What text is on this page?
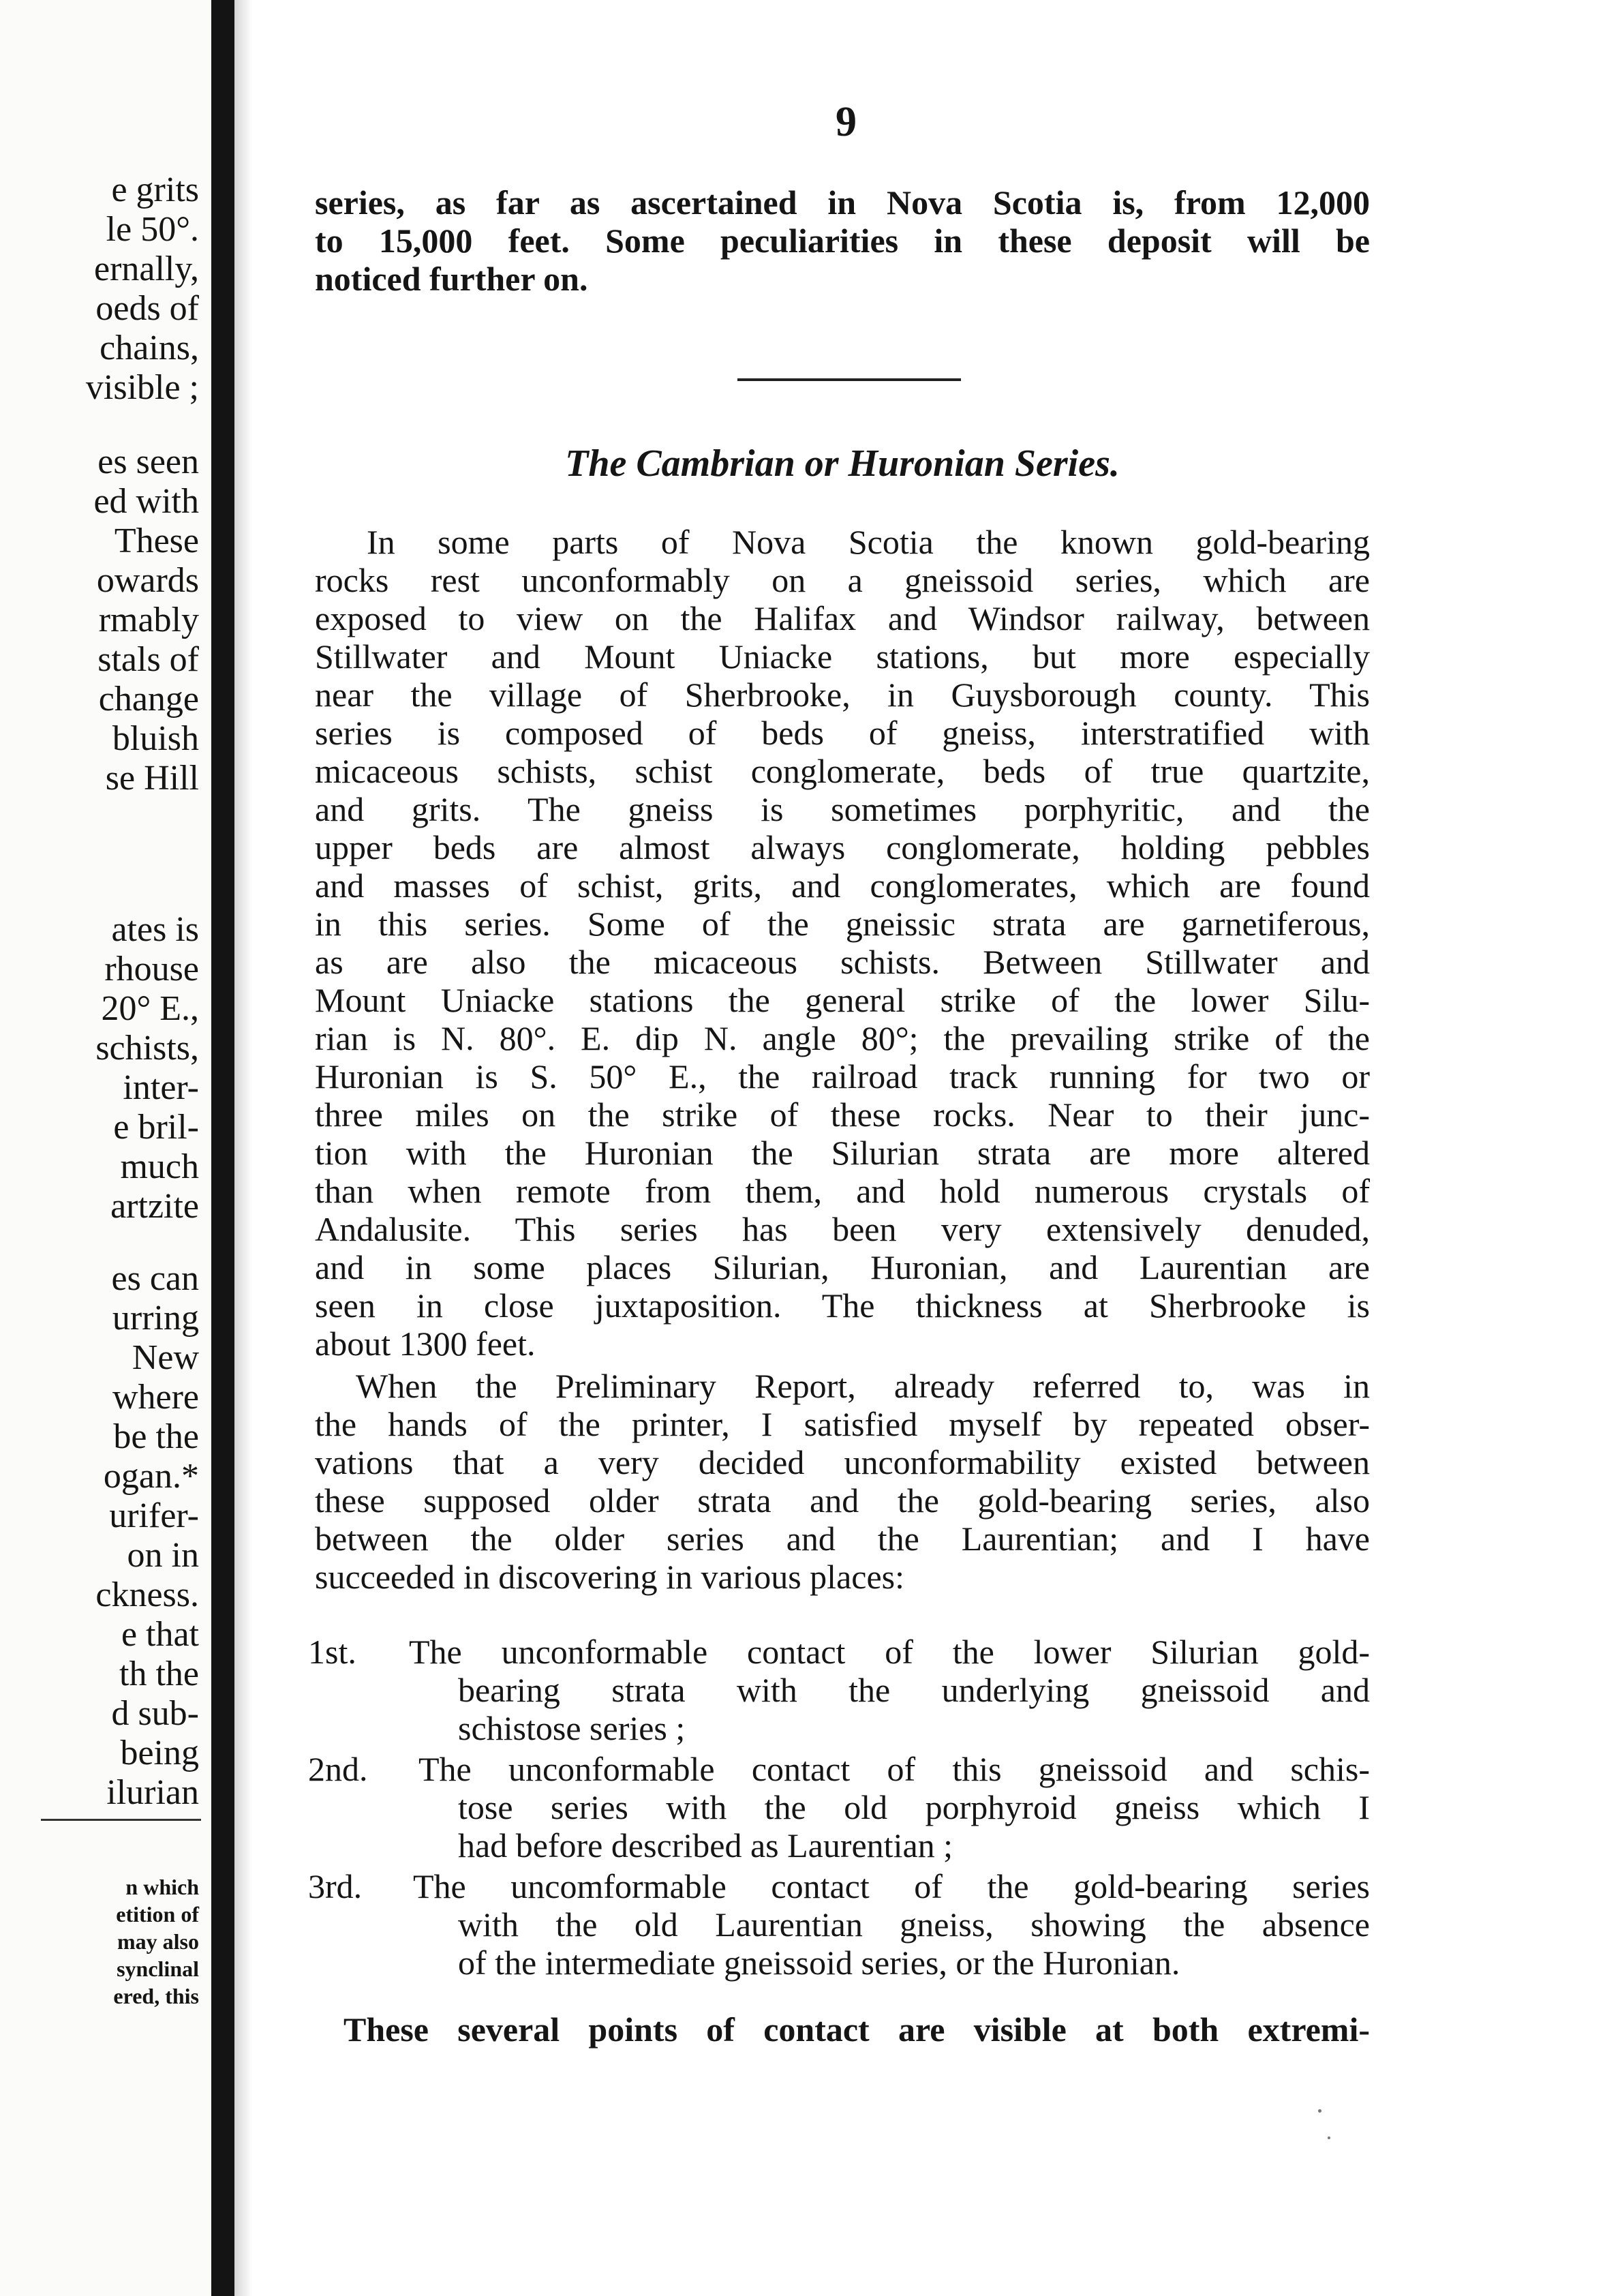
e grits

le 50°.

ernally,

oeds of

chains,

visible ;

es seen

ed with

These

owards

rmably

stals of

change

bluish

se Hill

ates is

rhouse

20° E.,

schists,

inter-

e bril-

much

artzite

es can

urring

New

where

be the

ogan.*

urifer-

on in

ckness.

e that

th the

d sub-

being

ilurian

n which

etition of

may also

synclinal

ered, this

9

series, as far as ascertained in Nova Scotia is, from 12,000

to 15,000 feet. Some peculiarities in these deposit will be

noticed further on.

The Cambrian or Huronian Series.

In some parts of Nova Scotia the known gold-bearing

rocks rest unconformably on a gneissoid series, which are

exposed to view on the Halifax and Windsor railway, between

Stillwater and Mount Uniacke stations, but more especially

near the village of Sherbrooke, in Guysborough county. This

series is composed of beds of gneiss, interstratified with

micaceous schists, schist conglomerate, beds of true quartzite,

and grits. The gneiss is sometimes porphyritic, and the

upper beds are almost always conglomerate, holding pebbles

and masses of schist, grits, and conglomerates, which are found

in this series. Some of the gneissic strata are garnetiferous,

as are also the micaceous schists. Between Stillwater and

Mount Uniacke stations the general strike of the lower Silu-

rian is N. 80°. E. dip N. angle 80°; the prevailing strike of the

Huronian is S. 50° E., the railroad track running for two or

three miles on the strike of these rocks. Near to their junc-

tion with the Huronian the Silurian strata are more altered

than when remote from them, and hold numerous crystals of

Andalusite. This series has been very extensively denuded,

and in some places Silurian, Huronian, and Laurentian are

seen in close juxtaposition. The thickness at Sherbrooke is

about 1300 feet.

When the Preliminary Report, already referred to, was in

the hands of the printer, I satisfied myself by repeated obser-

vations that a very decided unconformability existed between

these supposed older strata and the gold-bearing series, also

between the older series and the Laurentian; and I have

succeeded in discovering in various places:

1st. The unconformable contact of the lower Silurian gold-

bearing strata with the underlying gneissoid and

schistose series ;

2nd. The unconformable contact of this gneissoid and schis-

tose series with the old porphyroid gneiss which I

had before described as Laurentian ;

3rd. The uncomformable contact of the gold-bearing series

with the old Laurentian gneiss, showing the absence

of the intermediate gneissoid series, or the Huronian.

These several points of contact are visible at both extremi-
